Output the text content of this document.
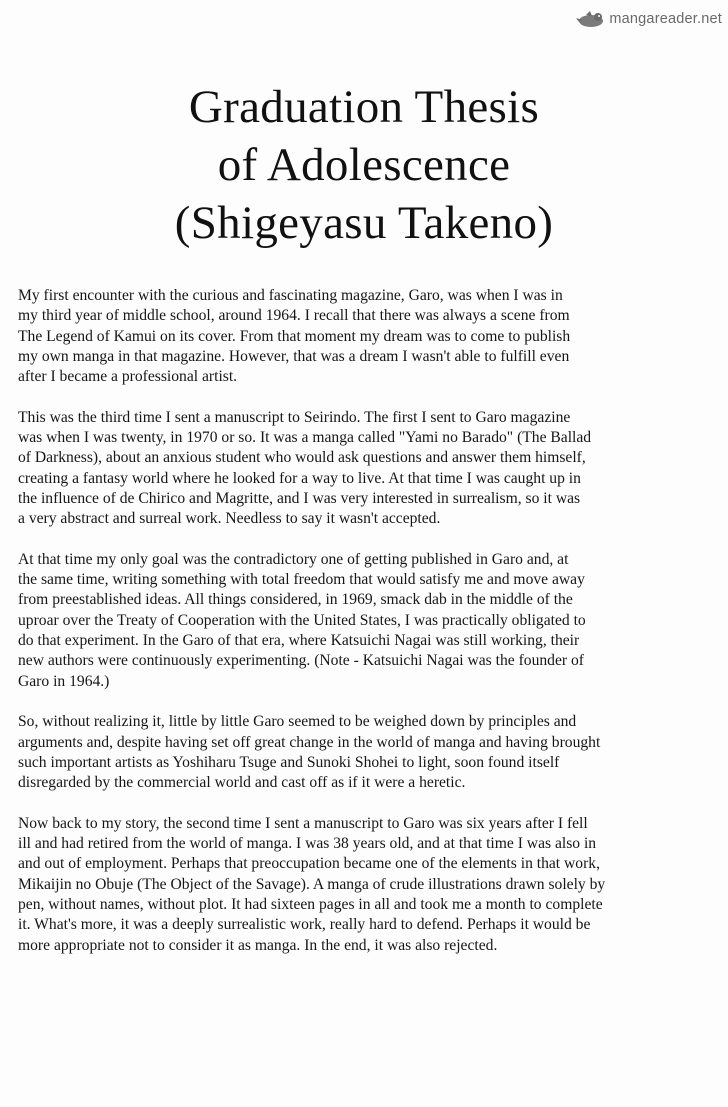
mangareader.net
Graduation Thesis
of Adolescence
(Shigeyasu Takeno)

My first encounter with the curious and fascinating magazine, Garo, was when I was in
my third year of middle school, around 1964. I recall that there was always a scene from
The Legend of Kamui on its cover. From that moment my dream was to come to publish
my own manga in that magazine. However, that was a dream I wasn't able to fulfill even
after I became a professional artist.

This was the third time I sent a manuscript to Seirindo. The first I sent to Garo magazine
was when I was twenty, in 1970 or so. It was a manga called "Yami no Barado" (The Ballad
of Darkness), about an anxious student who would ask questions and answer them himself,
creating a fantasy world where he looked for a way to live. At that time I was caught up in
the influence of de Chirico and Magritte, and I was very interested in surrealism, so it was
a very abstract and surreal work. Needless to say it wasn't accepted.

At that time my only goal was the contradictory one of getting published in Garo and, at
the same time, writing something with total freedom that would satisfy me and move away
from preestablished ideas. All things considered, in 1969, smack dab in the middle of the
uproar over the Treaty of Cooperation with the United States, I was practically obligated to
do that experiment. In the Garo of that era, where Katsuichi Nagai was still working, their
new authors were continuously experimenting. (Note - Katsuichi Nagai was the founder of
Garo in 1964.)

So, without realizing it, little by little Garo seemed to be weighed down by principles and
arguments and, despite having set off great change in the world of manga and having brought
such important artists as Yoshiharu Tsuge and Sunoki Shohei to light, soon found itself
disregarded by the commercial world and cast off as if it were a heretic.

Now back to my story, the second time I sent a manuscript to Garo was six years after I fell
ill and had retired from the world of manga. I was 38 years old, and at that time I was also in
and out of employment. Perhaps that preoccupation became one of the elements in that work,
Mikaijin no Obuje (The Object of the Savage). A manga of crude illustrations drawn solely by
pen, without names, without plot. It had sixteen pages in all and took me a month to complete
it. What's more, it was a deeply surrealistic work, really hard to defend. Perhaps it would be
more appropriate not to consider it as manga. In the end, it was also rejected.
